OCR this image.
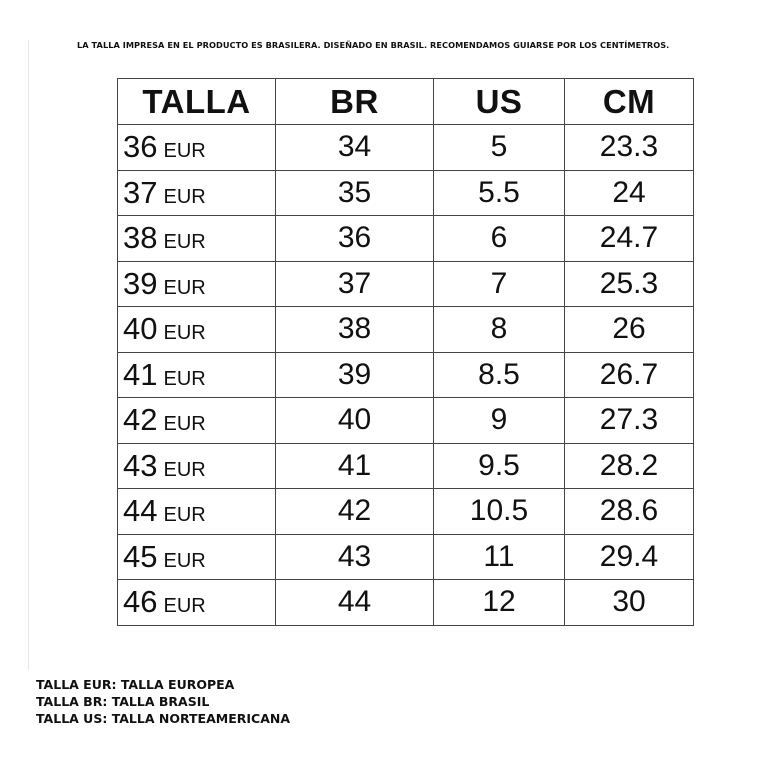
LA TALLA IMPRESA EN EL PRODUCTO ES BRASILERA. DISEÑADO EN BRASIL. RECOMENDAMOS GUIARSE POR LOS CENTÍMETROS.
TALLA	BR	US	CM
36 EUR	34	5	23.3
37 EUR	35	5.5	24
38 EUR	36	6	24.7
39 EUR	37	7	25.3
40 EUR	38	8	26
41 EUR	39	8.5	26.7
42 EUR	40	9	27.3
43 EUR	41	9.5	28.2
44 EUR	42	10.5	28.6
45 EUR	43	11	29.4
46 EUR	44	12	30
TALLA EUR: TALLA EUROPEA
TALLA BR: TALLA BRASIL
TALLA US: TALLA NORTEAMERICANA
